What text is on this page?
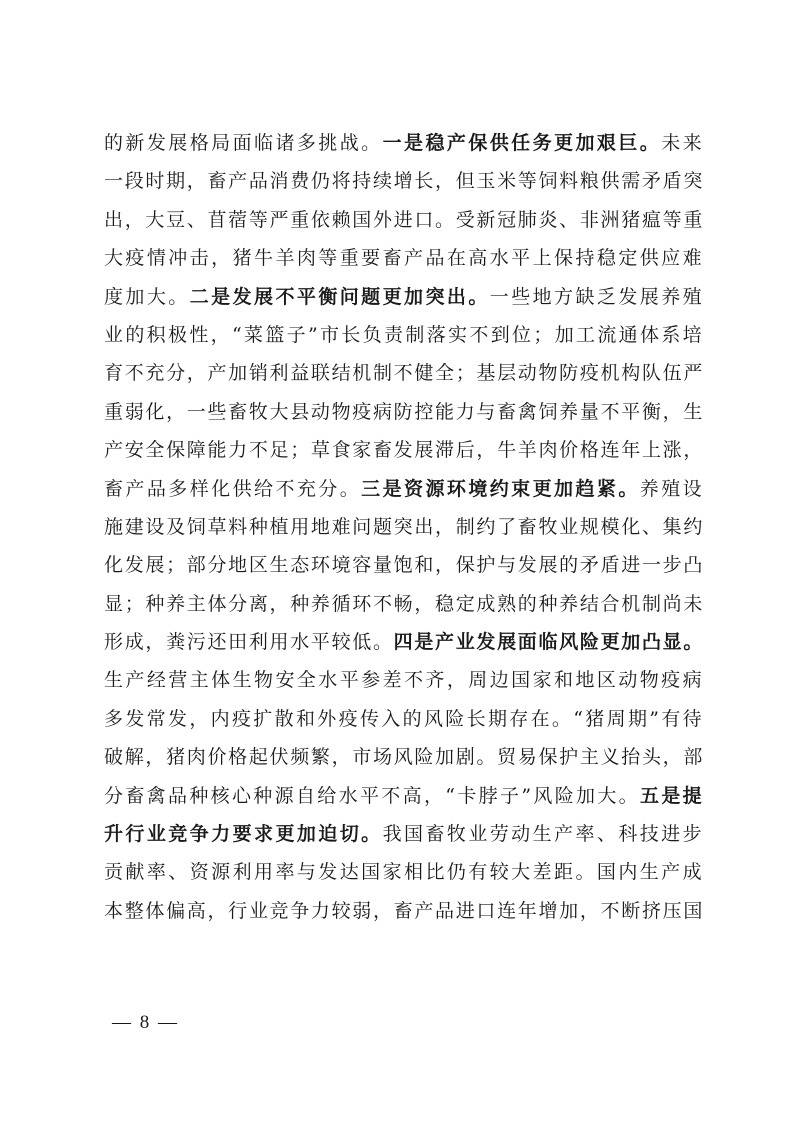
的新发展格局面临诸多挑战。一是稳产保供任务更加艰巨。未来
一段时期，畜产品消费仍将持续增长，但玉米等饲料粮供需矛盾突
出，大豆、苜蓿等严重依赖国外进口。受新冠肺炎、非洲猪瘟等重
大疫情冲击，猪牛羊肉等重要畜产品在高水平上保持稳定供应难
度加大。二是发展不平衡问题更加突出。一些地方缺乏发展养殖
业的积极性，“菜篮子”市长负责制落实不到位；加工流通体系培
育不充分，产加销利益联结机制不健全；基层动物防疫机构队伍严
重弱化，一些畜牧大县动物疫病防控能力与畜禽饲养量不平衡，生
产安全保障能力不足；草食家畜发展滞后，牛羊肉价格连年上涨，
畜产品多样化供给不充分。三是资源环境约束更加趋紧。养殖设
施建设及饲草料种植用地难问题突出，制约了畜牧业规模化、集约
化发展；部分地区生态环境容量饱和，保护与发展的矛盾进一步凸
显；种养主体分离，种养循环不畅，稳定成熟的种养结合机制尚未
形成，粪污还田利用水平较低。四是产业发展面临风险更加凸显。
生产经营主体生物安全水平参差不齐，周边国家和地区动物疫病
多发常发，内疫扩散和外疫传入的风险长期存在。“猪周期”有待
破解，猪肉价格起伏频繁，市场风险加剧。贸易保护主义抬头，部
分畜禽品种核心种源自给水平不高，“卡脖子”风险加大。五是提
升行业竞争力要求更加迫切。我国畜牧业劳动生产率、科技进步
贡献率、资源利用率与发达国家相比仍有较大差距。国内生产成
本整体偏高，行业竞争力较弱，畜产品进口连年增加，不断挤压国
— 8 —
